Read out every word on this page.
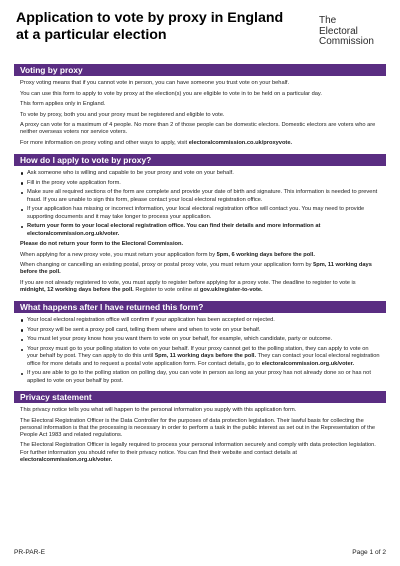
Application to vote by proxy in England at a particular election
The
Electoral
Commission
Voting by proxy

Proxy voting means that if you cannot vote in person, you can have someone you trust vote on your behalf.

You can use this form to apply to vote by proxy at the election(s) you are eligible to vote in to be held on a particular day.

This form applies only in England.

To vote by proxy, both you and your proxy must be registered and eligible to vote.

A proxy can vote for a maximum of 4 people. No more than 2 of those people can be domestic electors. Domestic electors are voters who are neither overseas voters nor service voters.

For more information on proxy voting and other ways to apply, visit electoralcommission.co.uk/proxyvote.

How do I apply to vote by proxy?
Ask someone who is willing and capable to be your proxy and vote on your behalf.
Fill in the proxy vote application form.
Make sure all required sections of the form are complete and provide your date of birth and signature. This information is needed to prevent fraud. If you are unable to sign this form, please contact your local electoral registration office.
If your application has missing or incorrect information, your local electoral registration office will contact you. You may need to provide supporting documents and it may take longer to process your application.
Return your form to your local electoral registration office. You can find their details and more information at electoralcommission.org.uk/voter.

Please do not return your form to the Electoral Commission.

When applying for a new proxy vote, you must return your application form by 5pm, 6 working days before the poll.

When changing or cancelling an existing postal, proxy or postal proxy vote, you must return your application form by 5pm, 11 working days before the poll.

If you are not already registered to vote, you must apply to register before applying for a proxy vote. The deadline to register to vote is midnight, 12 working days before the poll. Register to vote online at gov.uk/register-to-vote.

What happens after I have returned this form?
Your local electoral registration office will confirm if your application has been accepted or rejected.
Your proxy will be sent a proxy poll card, telling them where and when to vote on your behalf.
You must let your proxy know how you want them to vote on your behalf, for example, which candidate, party or outcome.
Your proxy must go to your polling station to vote on your behalf. If your proxy cannot get to the polling station, they can apply to vote on your behalf by post. They can apply to do this until 5pm, 11 working days before the poll. They can contact your local electoral registration office for more details and to request a postal vote application form. For contact details, go to electoralcommission.org.uk/voter.
If you are able to go to the polling station on polling day, you can vote in person as long as your proxy has not already done so or has not applied to vote on your behalf by post.
Privacy statement

This privacy notice tells you what will happen to the personal information you supply with this application form.

The Electoral Registration Officer is the Data Controller for the purposes of data protection legislation. Their lawful basis for collecting the personal information is that the processing is necessary in order to perform a task in the public interest as set out in the Representation of the People Act 1983 and related regulations.

The Electoral Registration Officer is legally required to process your personal information securely and comply with data protection legislation. For further information you should refer to their privacy notice. You can find their website and contact details at electoralcommission.org.uk/voter.

PR-PAR-E	Page 1 of 2
